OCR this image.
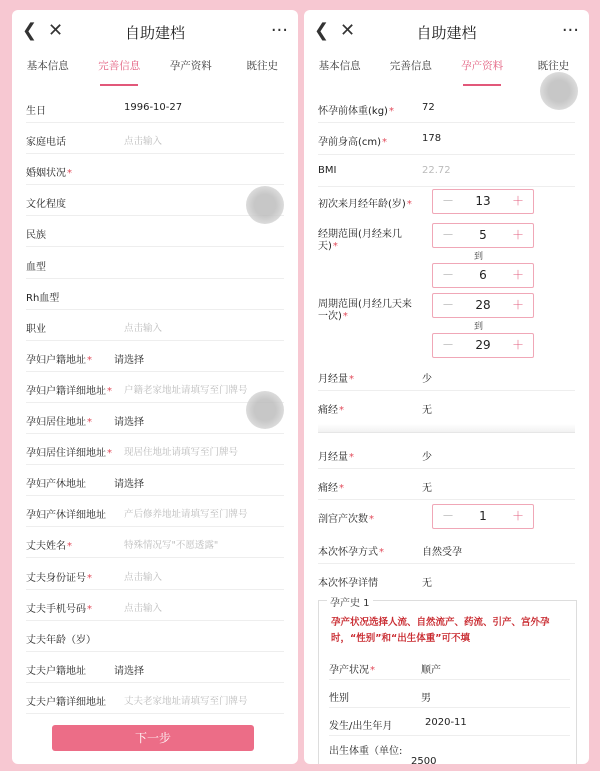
❮ ✕	自助建档	···
基本信息	完善信息	孕产资料	既往史
生日	1996-10-27
家庭电话	点击输入
婚姻状况*
文化程度
民族
血型
Rh血型
职业	点击输入
孕妇户籍地址* 请选择
孕妇户籍详细地址* 户籍老家地址请填写至门牌号
孕妇居住地址* 请选择
孕妇居住详细地址* 现居住地址请填写至门牌号
孕妇产休地址	请选择
孕妇产休详细地址 产后修养地址请填写至门牌号
丈夫姓名*	特殊情况写"不愿透露"
丈夫身份证号*	点击输入
丈夫手机号码*	点击输入
丈夫年龄（岁）
丈夫户籍地址	请选择
丈夫户籍详细地址 丈夫老家地址请填写至门牌号
下一步
❮ ✕	自助建档	···
基本信息	完善信息	孕产资料	既往史
怀孕前体重(kg)*	72
孕前身高(cm)*	178
BMI	22.72
初次来月经年龄(岁)*	－	13	＋
经期范围(月经来几天)*
－	5	＋
到
－	6	＋
周期范围(月经几天来一次)*
－	28	＋
到
－	29	＋
月经量*	少
痛经*	无
月经量*	少
痛经*	无
剖宫产次数*	－	1	＋
本次怀孕方式*	自然受孕
本次怀孕详情	无
孕产史 1
孕产状况选择人流、自然流产、药流、引产、宫外孕时，“性别”和“出生体重”可不填
孕产状况*	顺产
性别	男
发生/出生年月	2020-11
出生体重（单位:
2500
